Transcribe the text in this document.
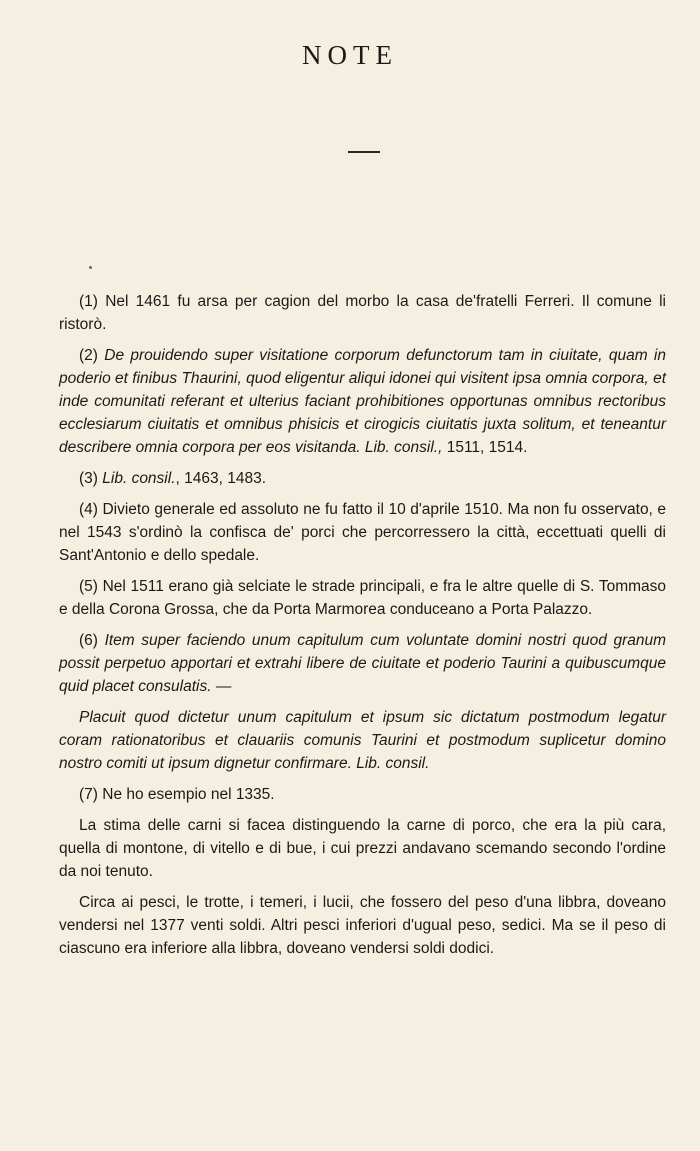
NOTE

(1) Nel 1461 fu arsa per cagion del morbo la casa de'fratelli Ferreri. Il comune li ristorò.

(2) De prouidendo super visitatione corporum defunctorum tam in ciuitate, quam in poderio et finibus Thaurini, quod eligentur aliqui idonei qui visitent ipsa omnia corpora, et inde comunitati referant et ulterius faciant prohibitiones opportunas omnibus rectoribus ecclesiarum ciuitatis et omnibus phisicis et cirogicis ciuitatis juxta solitum, et teneantur describere omnia corpora per eos visitanda. Lib. consil., 1511, 1514.

(3) Lib. consil., 1463, 1483.

(4) Divieto generale ed assoluto ne fu fatto il 10 d'aprile 1510. Ma non fu osservato, e nel 1543 s'ordinò la confisca de' porci che percorressero la città, eccettuati quelli di Sant'Antonio e dello spedale.

(5) Nel 1511 erano già selciate le strade principali, e fra le altre quelle di S. Tommaso e della Corona Grossa, che da Porta Marmorea conduceano a Porta Palazzo.

(6) Item super faciendo unum capitulum cum voluntate domini nostri quod granum possit perpetuo apportari et extrahi libere de ciuitate et poderio Taurini a quibuscumque quid placet consulatis. —

Placuit quod dictetur unum capitulum et ipsum sic dictatum postmodum legatur coram rationatoribus et clauariis comunis Taurini et postmodum suplicetur domino nostro comiti ut ipsum dignetur confirmare. Lib. consil.

(7) Ne ho esempio nel 1335.

La stima delle carni si facea distinguendo la carne di porco, che era la più cara, quella di montone, di vitello e di bue, i cui prezzi andavano scemando secondo l'ordine da noi tenuto.

Circa ai pesci, le trotte, i temeri, i lucii, che fossero del peso d'una libbra, doveano vendersi nel 1377 venti soldi. Altri pesci inferiori d'ugual peso, sedici. Ma se il peso di ciascuno era inferiore alla libbra, doveano vendersi soldi dodici.
